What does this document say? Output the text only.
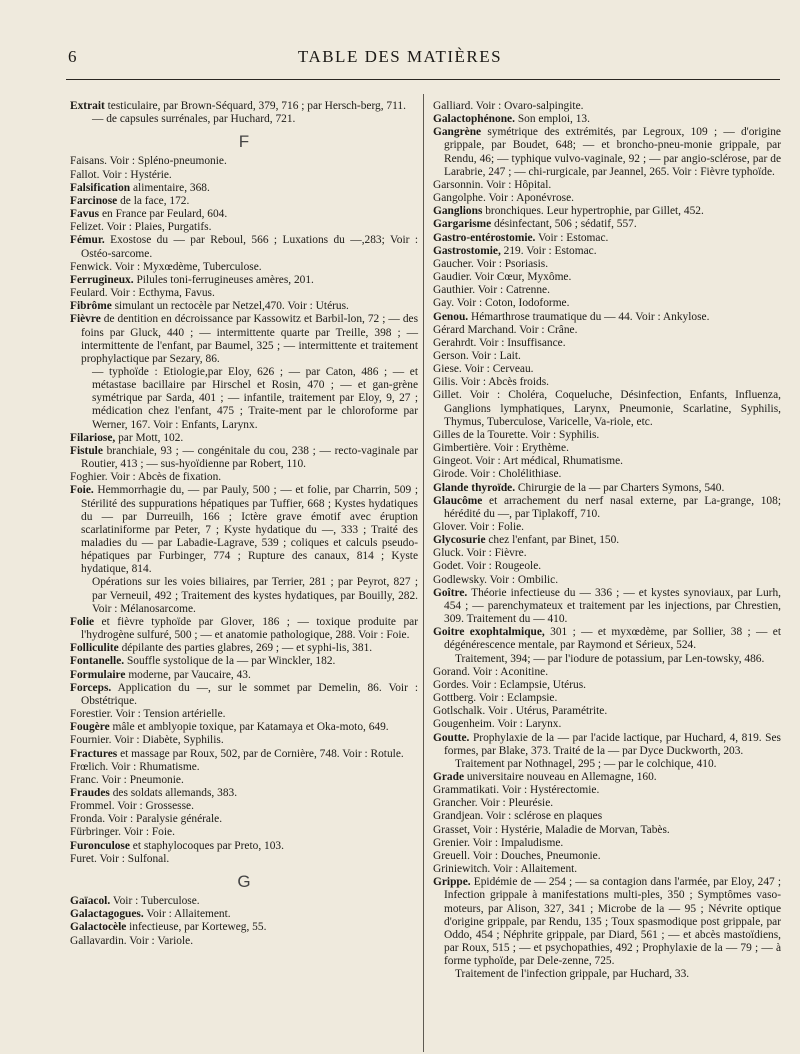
6	TABLE DES MATIÈRES
Extrait testiculaire, par Brown-Séquard, 379, 716 ; par Hersch-berg, 711.
— de capsules surrénales, par Huchard, 721.
F
Faisans. Voir : Spléno-pneumonie.
Fallot. Voir : Hystérie.
Falsification alimentaire, 368.
Farcinose de la face, 172.
Favus en France par Feulard, 604.
Felizet. Voir : Plaies, Purgatifs.
Fémur. Exostose du — par Reboul, 566 ; Luxations du —,283; Voir : Ostéo-sarcome.
Fenwick. Voir : Myxœdème, Tuberculose.
Ferrugineux. Pilules toni-ferrugineuses amères, 201.
Feulard. Voir : Ecthyma, Favus.
Fibrôme simulant un rectocèle par Netzel,470. Voir : Utérus.
Fièvre de dentition en décroissance par Kassowitz et Barbil-lon, 72 ; — des foins par Gluck, 440 ; — intermittente quarte par Treille, 398 ; — intermittente de l'enfant, par Baumel, 325 ; — intermittente et traitement prophylactique par Sezary, 86.
— typhoïde : Etiologie,par Eloy, 626 ; — par Caton, 486 ; — et métastase bacillaire par Hirschel et Rosin, 470 ; — et gan-grène symétrique par Sarda, 401 ; — infantile, traitement par Eloy, 9, 27 ; médication chez l'enfant, 475 ; Traite-ment par le chloroforme par Werner, 167. Voir : Enfants, Larynx.
Filariose, par Mott, 102.
Fistule branchiale, 93 ; — congénitale du cou, 238 ; — recto-vaginale par Routier, 413 ; — sus-hyoïdienne par Robert, 110.
Foghier. Voir : Abcès de fixation.
Foie. Hemmorrhagie du, — par Pauly, 500 ; — et folie, par Charrin, 509 ; Stérilité des suppurations hépatiques par Tuffier, 668 ; Kystes hydatiques du — par Durreuilh, 166 ; Ictère grave émotif avec éruption scarlatiniforme par Peter, 7 ; Kyste hydatique du —, 333 ; Traité des maladies du — par Labadie-Lagrave, 539 ; coliques et calculs pseudo-hépatiques par Furbinger, 774 ; Rupture des canaux, 814 ; Kyste hydatique, 814.
Opérations sur les voies biliaires, par Terrier, 281 ; par Peyrot, 827 ; par Verneuil, 492 ; Traitement des kystes hydatiques, par Bouilly, 282. Voir : Mélanosarcome.
Folie et fièvre typhoïde par Glover, 186 ; — toxique produite par l'hydrogène sulfuré, 500 ; — et anatomie pathologique, 288. Voir : Foie.
Folliculite dépilante des parties glabres, 269 ; — et syphi-lis, 381.
Fontanelle. Souffle systolique de la — par Winckler, 182.
Formulaire moderne, par Vaucaire, 43.
Forceps. Application du —, sur le sommet par Demelin, 86. Voir : Obstétrique.
Forestier. Voir : Tension artérielle.
Fougère mâle et amblyopie toxique, par Katamaya et Oka-moto, 649.
Fournier. Voir : Diabète, Syphilis.
Fractures et massage par Roux, 502, par de Cornière, 748. Voir : Rotule.
Frœlich. Voir : Rhumatisme.
Franc. Voir : Pneumonie.
Fraudes des soldats allemands, 383.
Frommel. Voir : Grossesse.
Fronda. Voir : Paralysie générale.
Fürbringer. Voir : Foie.
Furonculose et staphylocoques par Preto, 103.
Furet. Voir : Sulfonal.
G
Gaïacol. Voir : Tuberculose.
Galactagogues. Voir : Allaitement.
Galactocèle infectieuse, par Korteweg, 55.
Gallavardin. Voir : Variole.
Galliard. Voir : Ovaro-salpingite.
Galactophénone. Son emploi, 13.
Gangrène symétrique des extrémités, par Legroux, 109 ; — d'origine grippale, par Boudet, 648; — et broncho-pneu-monie grippale, par Rendu, 46; — typhique vulvo-vaginale, 92 ; — par angio-sclérose, par de Larabrie, 247 ; — chi-rurgicale, par Jeannel, 265. Voir : Fièvre typhoïde.
Garsonnin. Voir : Hôpital.
Gangolphe. Voir : Aponévrose.
Ganglions bronchiques. Leur hypertrophie, par Gillet, 452.
Gargarisme désinfectant, 506 ; sédatif, 557.
Gastro-entérostomie. Voir : Estomac.
Gastrostomie, 219. Voir : Estomac.
Gaucher. Voir : Psoriasis.
Gaudier. Voir Cœur, Myxôme.
Gauthier. Voir : Catrenne.
Gay. Voir : Coton, Iodoforme.
Genou. Hémarthrose traumatique du — 44. Voir : Ankylose.
Gérard Marchand. Voir : Crâne.
Gerahrdt. Voir : Insuffisance.
Gerson. Voir : Lait.
Giese. Voir : Cerveau.
Gilis. Voir : Abcès froids.
Gillet. Voir : Choléra, Coqueluche, Désinfection, Enfants, Influenza, Ganglions lymphatiques, Larynx, Pneumonie, Scarlatine, Syphilis, Thymus, Tuberculose, Varicelle, Va-riole, etc.
Gilles de la Tourette. Voir : Syphilis.
Gimbertière. Voir : Erythème.
Gingeot. Voir : Art médical, Rhumatisme.
Girode. Voir : Cholélithiase.
Glande thyroïde. Chirurgie de la — par Charters Symons, 540.
Glaucôme et arrachement du nerf nasal externe, par La-grange, 108; hérédité du —, par Tiplakoff, 710.
Glover. Voir : Folie.
Glycosurie chez l'enfant, par Binet, 150.
Gluck. Voir : Fièvre.
Godet. Voir : Rougeole.
Godlewsky. Voir : Ombilic.
Goître. Théorie infectieuse du — 336 ; — et kystes synoviaux, par Lurh, 454 ; — parenchymateux et traitement par les injections, par Chrestien, 309. Traitement du — 410.
Goitre exophtalmique, 301 ; — et myxœdème, par Sollier, 38 ; — et dégénérescence mentale, par Raymond et Sérieux, 524.
Traitement, 394; — par l'iodure de potassium, par Len-towsky, 486.
Gorand. Voir : Aconitine.
Gordes. Voir : Eclampsie, Utérus.
Gottberg. Voir : Eclampsie.
Gotlschalk. Voir . Utérus, Paramétrite.
Gougenheim. Voir : Larynx.
Goutte. Prophylaxie de la — par l'acide lactique, par Huchard, 4, 819. Ses formes, par Blake, 373. Traité de la — par Dyce Duckworth, 203.
Traitement par Nothnagel, 295 ; — par le colchique, 410.
Grade universitaire nouveau en Allemagne, 160.
Grammatikati. Voir : Hystérectomie.
Grancher. Voir : Pleurésie.
Grandjean. Voir : sclérose en plaques
Grasset, Voir : Hystérie, Maladie de Morvan, Tabès.
Grenier. Voir : Impaludisme.
Greuell. Voir : Douches, Pneumonie.
Griniewitch. Voir : Allaitement.
Grippe. Epidémie de — 254 ; — sa contagion dans l'armée, par Eloy, 247 ; Infection grippale à manifestations multi-ples, 350 ; Symptômes vaso-moteurs, par Alison, 327, 341 ; Microbe de la — 95 ; Névrite optique d'origine grippale, par Rendu, 135 ; Toux spasmodique post grippale, par Oddo, 454 ; Néphrite grippale, par Diard, 561 ; — et abcès mastoïdiens, par Roux, 515 ; — et psychopathies, 492 ; Prophylaxie de la — 79 ; — à forme typhoïde, par Dele-zenne, 725.
Traitement de l'infection grippale, par Huchard, 33.
